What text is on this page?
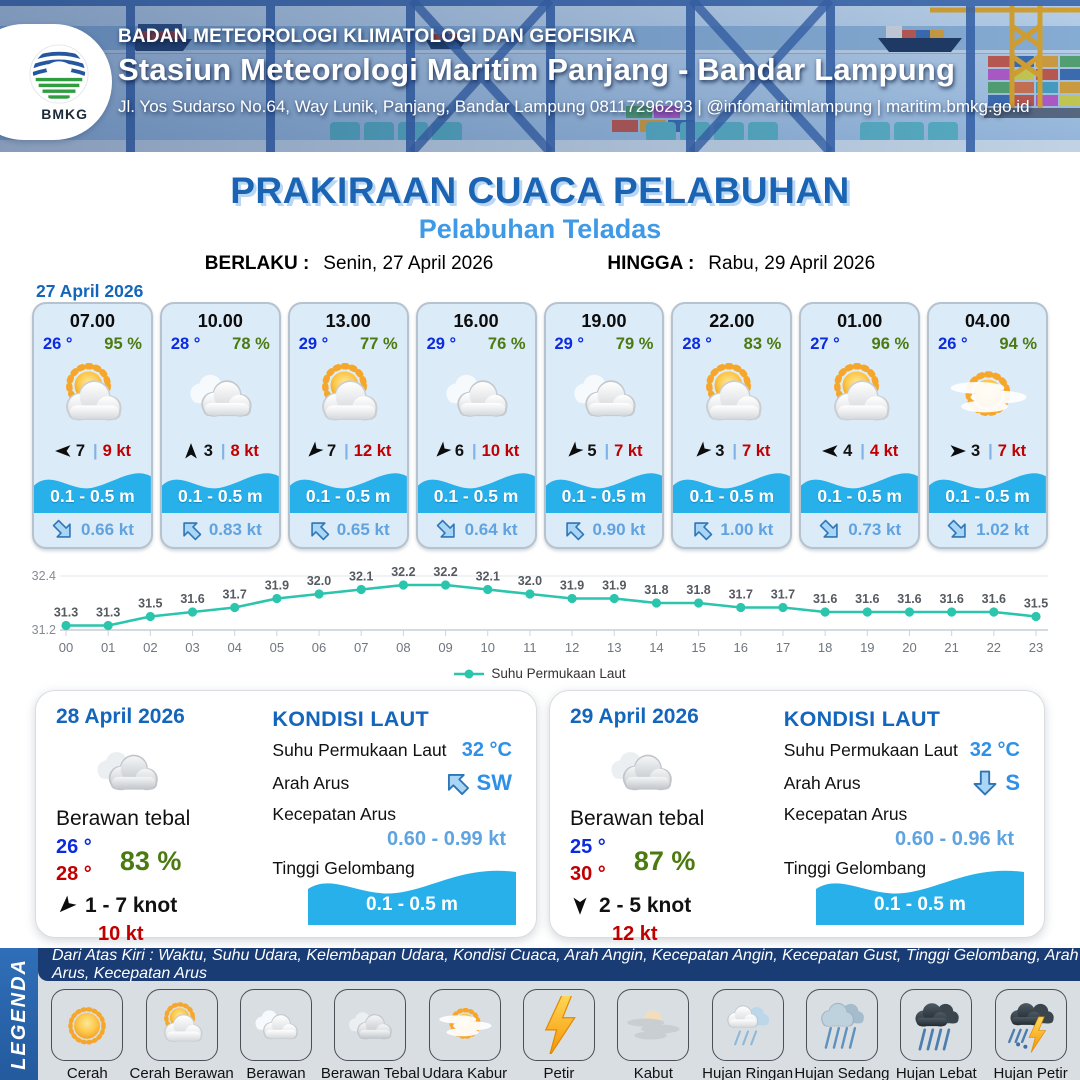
BMKG
BADAN METEOROLOGI KLIMATOLOGI DAN GEOFISIKA
Stasiun Meteorologi Maritim Panjang - Bandar Lampung
Jl. Yos Sudarso No.64, Way Lunik, Panjang, Bandar Lampung 08117296293 | @infomaritimlampung | maritim.bmkg.go.id
PRAKIRAAN CUACA PELABUHAN
Pelabuhan Teladas
BERLAKU : Senin, 27 April 2026	HINGGA : Rabu, 29 April 2026
27 April 2026
07.00
26 ° 95 %
7 | 9 kt
0.1 - 0.5 m
0.66 kt
10.00
28 ° 78 %
3 | 8 kt
0.1 - 0.5 m
0.83 kt
13.00
29 ° 77 %
7 | 12 kt
0.1 - 0.5 m
0.65 kt
16.00
29 ° 76 %
6 | 10 kt
0.1 - 0.5 m
0.64 kt
19.00
29 ° 79 %
5 | 7 kt
0.1 - 0.5 m
0.90 kt
22.00
28 ° 83 %
3 | 7 kt
0.1 - 0.5 m
1.00 kt
01.00
27 ° 96 %
4 | 4 kt
0.1 - 0.5 m
0.73 kt
04.00
26 ° 94 %
3 | 7 kt
0.1 - 0.5 m
1.02 kt
32.4
31.2
31.3
00
31.3
01
31.5
02
31.6
03
31.7
04
31.9
05
32.0
06
32.1
07
32.2
08
32.2
09
32.1
10
32.0
11
31.9
12
31.9
13
31.8
14
31.8
15
31.7
16
31.7
17
31.6
18
31.6
19
31.6
20
31.6
21
31.6
22
31.5
23
Suhu Permukaan Laut
28 April 2026
Berawan tebal
26 °
28 ° 83 %
1 - 7 knot
10 kt
KONDISI LAUT
Suhu Permukaan Laut 32 °C
Arah Arus	SW
Kecepatan Arus
0.60 - 0.99 kt
Tinggi Gelombang
0.1 - 0.5 m
29 April 2026
Berawan tebal
25 °
30 ° 87 %
2 - 5 knot
12 kt
KONDISI LAUT
Suhu Permukaan Laut 32 °C
Arah Arus	S
Kecepatan Arus
0.60 - 0.96 kt
Tinggi Gelombang
0.1 - 0.5 m
LEGENDA
Dari Atas Kiri : Waktu, Suhu Udara, Kelembapan Udara, Kondisi Cuaca, Arah Angin, Kecepatan Angin, Kecepatan Gust, Tinggi Gelombang, Arah Arus, Kecepatan Arus
Cerah Cerah Berawan Berawan Berawan Tebal Udara Kabur Petir	Kabut Hujan Ringan Hujan Sedang Hujan Lebat Hujan Petir
